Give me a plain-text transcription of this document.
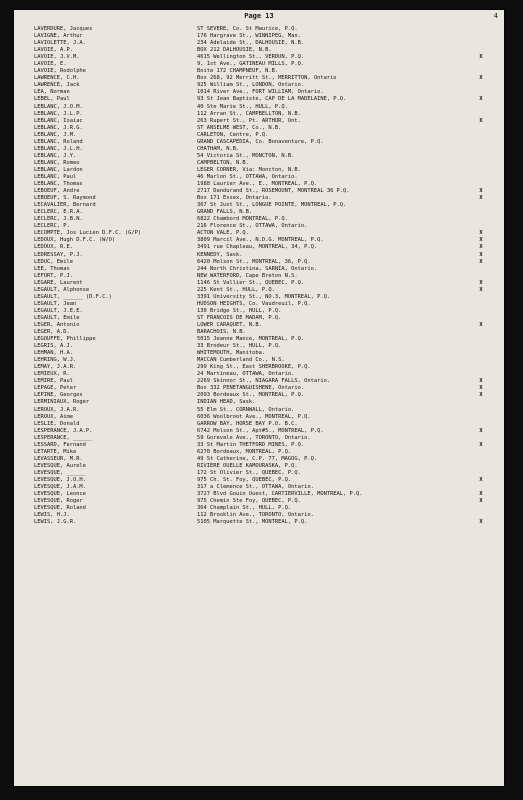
Page 13	4
LAVERDURE, Jacques	ST SEVERE, Co. St Maurice, P.Q.
LAVIGNE, Arthur	176 Hargrave St., WINNIPEG, Man.
LAVIOLETTE, J.A.	234 Adelaide St., DALHOUSIE, N.B.
LAVOIE, A.P.	BOX 212 DALHOUSIE, N.B.
LAVOIE, J.V.M.	4615 Wellington St., VERDUN, P.Q.	X
LAVOIE, E.	9, 1st Ave., GATINEAU MILLS, P.Q.
LAVOIE, Rodolphe	Boite 172 CHAMPNEUF, N.B.
LAWRENCE, C.H.	Box 268, 92 Merritt St., MERRITTON, Ontario	X
LAWRENCE, Jack	925 William St., LONDON, Ontario.
LEA, Norman	1014 River Ave., FORT WILLIAM, Ontario.
LEBEL, Paul	93 St Jean Baptiste, CAP DE LA MADELAINE, P.Q.	X
LEBLANC, J.O.M.	40 Ste Marie St., HULL, P.Q.
LEBLANC, J.L.P.	112 Arran St., CAMPBELLTON, N.B.
LEBLANC, Isaiac	263 Rupert St., Pt. ARTHUR, Ont.	X
LEBLANC, J.R.G.	ST ANSELME WEST, Co., N.B.
LEBLANC, J.M.	CARLETON, Centre, P.Q.
LEBLANC, Roland	GRAND CASCAPEDIA, Co. Bonaventure, P.Q.
LEBLANC, J.L.H.	CHATHAM, N.B.
LEBLANC, J.Y.	54 Victoria St., MONCTON, N.B.
LEBLANC, Romeo	CAMPBELTON, N.B.
LEBLANC, Lardon	LEGER CORNER, Via: Moncton, N.B.
LEBLANC, Paul	46 Marlon St., OTTAWA, Ontario.
LEBLANC, Thomas	1988 Laurier Ave., E., MONTREAL, P.Q.
LEBOEUF, Andre	2717 Dandurand St., ROSEMOUNT, MONTREAL 36 P.Q.	X
LEBOEUF, S. Raymond	Box 171 Essex, Ontario.	X
LECAVALIER, Bernard	367 St Just St., LONGUE POINTE, MONTREAL, P.Q.
LECLERC, E.R.A.	GRAND FALLS, N.B.
LECLERC, J.B.N.	6822 Chambord MONTREAL, P.Q.
LECLERC, P.	216 Florence St., OTTAWA, Ontario.
LECOMPTE, Jos Lucien D.F.C. (G/P)	ACTON VALE, P.Q.	X
LEDOUX, Hugh D.F.C. (W/O)	3809 Marcil Ave., N.D.G. MONTREAL, P.Q.	X
LEDOUX, R.E.	3491 rue Chapleau, MONTREAL, 34, P.Q.	X
LEDRESSAY, P.J.	KENNEDY, Sask.	X
LEDUC, Emile	6420 Molson St., MONTREAL, 36, P.Q.	X
LEE, Thomas	244 North Christina, SARNIA, Ontario.
LEFORT, P.J.	NEW WATERFORD, Cape Breton N.S.
LEGARE, Laurent	1146 St Vallier St., QUEBEC, P.Q.	X
LEGAULT, Alphonse	225 Kent St., HULL, P.Q.	X
LEGAULT, ______ (D.F.C.)	3391 University St., NO.3, MONTREAL, P.Q.
LEGAULT, Jean	HUDSON HEIGHTS, Co. Vaudreuil, P.Q.
LEGAULT, J.E.E.	130 Bridge St., HULL, P.Q.
LEGAULT, Emile	ST FRANCOIS DE MADAM, P.Q.
LEGER, Antonio	LOWER CARAQUET, N.B.	X
LEGER, A.D.	BARACHOIS, N.B.
LEGOUFFE, Phillippe	5015 Jeanne Mance, MONTREAL, P.Q.
LEGRIS, A.J.	33 Brodeur St., HULL, P.Q.
LEHMAN, H.A.	WHITEMOUTH, Manitoba.
LEHRING, W.J.	MACCAN Cumberland Co., N.S.
LEMAY, J.A.R.	299 King St., East SHERBROOKE, P.Q.
LEMIEUX, R.	24 Martineau, OTTAWA, Ontario.
LEMIRE, Paul	2269 Skinnor St., NIAGARA FALLS, Ontario.	X
LEPAGE, Peter	Box 332 PENETANGUISHENE, Ontario.	X
LEPINE, Georges	2093 Bordeaux St., MONTREAL, P.Q.	X
LERMINIAUX, Roger	INDIAN HEAD, Sask.
LEROUX, J.A.R.	55 Elm St., CORNWALL, Ontario.
LEROUX, Aime	6036 Woolbroot Ave., MONTREAL, P.Q.
LESLIE, Donald	GARROW BAY, HORSE BAY P.O. B.C.
LESPERANCE, J.A.P.	6742 Molson St., Apt#5., MONTREAL, P.Q.	X
LESPERANCE, ______	59 Gorevale Ave., TORONTO, Ontario.
LESSARD, Fernand	33 St Martin THETFORD MINES, P.Q.	X
LETARTE, Mike	6270 Bordeaux, MONTREAL, P.Q.
LEVASSEUR, M.R.	49 St Catherine, C.P. 77, MAGOG, P.Q.
LEVESQUE, Aurele	RIVIERE OUELLE KAMOURASKA, P.Q.
LEVESQUE, ______	172 St Olivier St., QUEBEC, P.Q.
LEVESQUE, J.O.H.	975 Ch. St. Foy, QUEBEC, P.Q.	X
LEVESQUE, J.A.M.	317 a Clemence St., OTTAWA, Ontario.
LEVESQUE, Leonce	3727 Blvd Gouin Ouest, CARTIERVILLE, MONTREAL, P.Q.	X
LEVESQUE, Roger	975 Chemin Ste Foy, QUEBEC, P.Q.	X
LEVESQUE, Roland	364 Champlain St., HULL, P.Q.
LEWIS, H.J.	112 Brooklin Ave., TORONTO, Ontario.
LEWIS, J.G.R.	5105 Marquette St., MONTREAL, P.Q.	X
